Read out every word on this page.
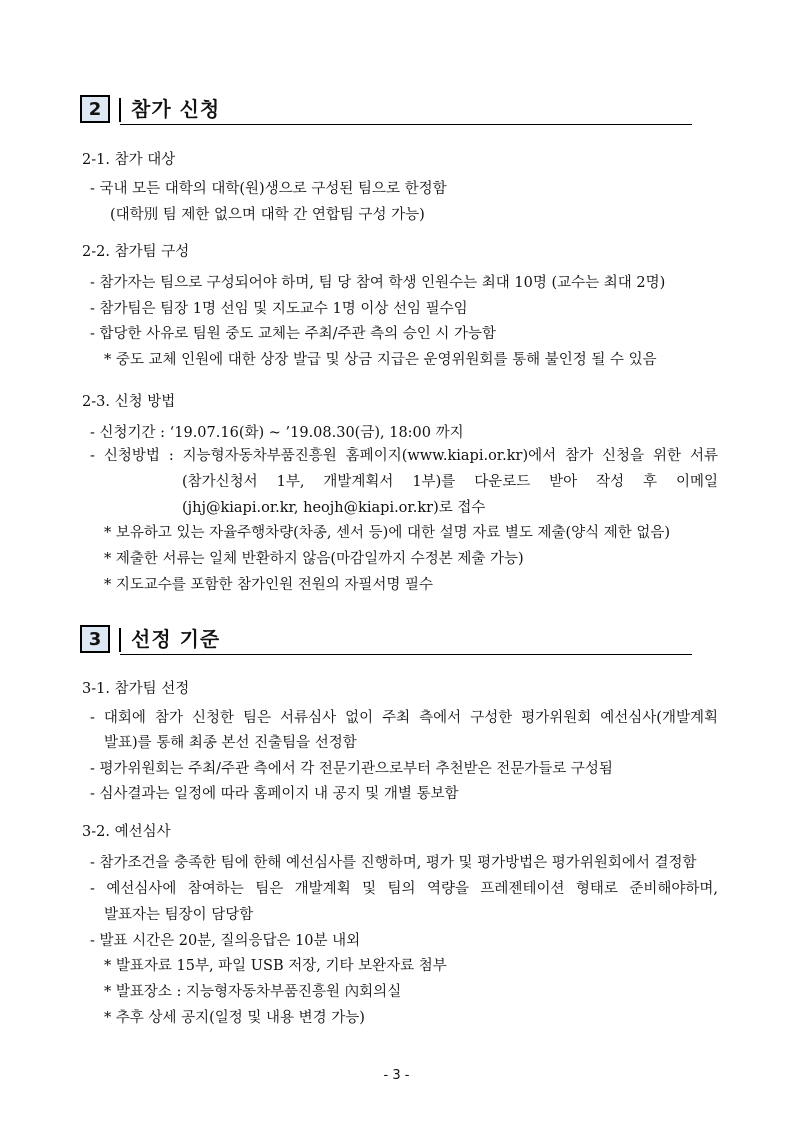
2	참가 신청
2-1. 참가 대상
- 국내 모든 대학의 대학(원)생으로 구성된 팀으로 한정함
(대학別 팀 제한 없으며 대학 간 연합팀 구성 가능)
2-2. 참가팀 구성
- 참가자는 팀으로 구성되어야 하며, 팀 당 참여 학생 인원수는 최대 10명 (교수는 최대 2명)
- 참가팀은 팀장 1명 선임 및 지도교수 1명 이상 선임 필수임
- 합당한 사유로 팀원 중도 교체는 주최/주관 측의 승인 시 가능함
* 중도 교체 인원에 대한 상장 발급 및 상금 지급은 운영위원회를 통해 불인정 될 수 있음
2-3. 신청 방법
- 신청기간 : ‘19.07.16(화) ~ ’19.08.30(금), 18:00 까지
- 신청방법 : 지능형자동차부품진흥원 홈페이지(www.kiapi.or.kr)에서 참가 신청을 위한 서류
(참가신청서 1부, 개발계획서 1부)를 다운로드 받아 작성 후 이메일
(jhj@kiapi.or.kr, heojh@kiapi.or.kr)로 접수
* 보유하고 있는 자율주행차량(차종, 센서 등)에 대한 설명 자료 별도 제출(양식 제한 없음)
* 제출한 서류는 일체 반환하지 않음(마감일까지 수정본 제출 가능)
* 지도교수를 포함한 참가인원 전원의 자필서명 필수
3	선정 기준
3-1. 참가팀 선정
- 대회에 참가 신청한 팀은 서류심사 없이 주최 측에서 구성한 평가위원회 예선심사(개발계획
발표)를 통해 최종 본선 진출팀을 선정함
- 평가위원회는 주최/주관 측에서 각 전문기관으로부터 추천받은 전문가들로 구성됨
- 심사결과는 일정에 따라 홈페이지 내 공지 및 개별 통보함
3-2. 예선심사
- 참가조건을 충족한 팀에 한해 예선심사를 진행하며, 평가 및 평가방법은 평가위원회에서 결정함
- 예선심사에 참여하는 팀은 개발계획 및 팀의 역량을 프레젠테이션 형태로 준비해야하며,
발표자는 팀장이 담당함
- 발표 시간은 20분, 질의응답은 10분 내외
* 발표자료 15부, 파일 USB 저장, 기타 보완자료 첨부
* 발표장소 : 지능형자동차부품진흥원 內회의실
* 추후 상세 공지(일정 및 내용 변경 가능)
- 3 -
